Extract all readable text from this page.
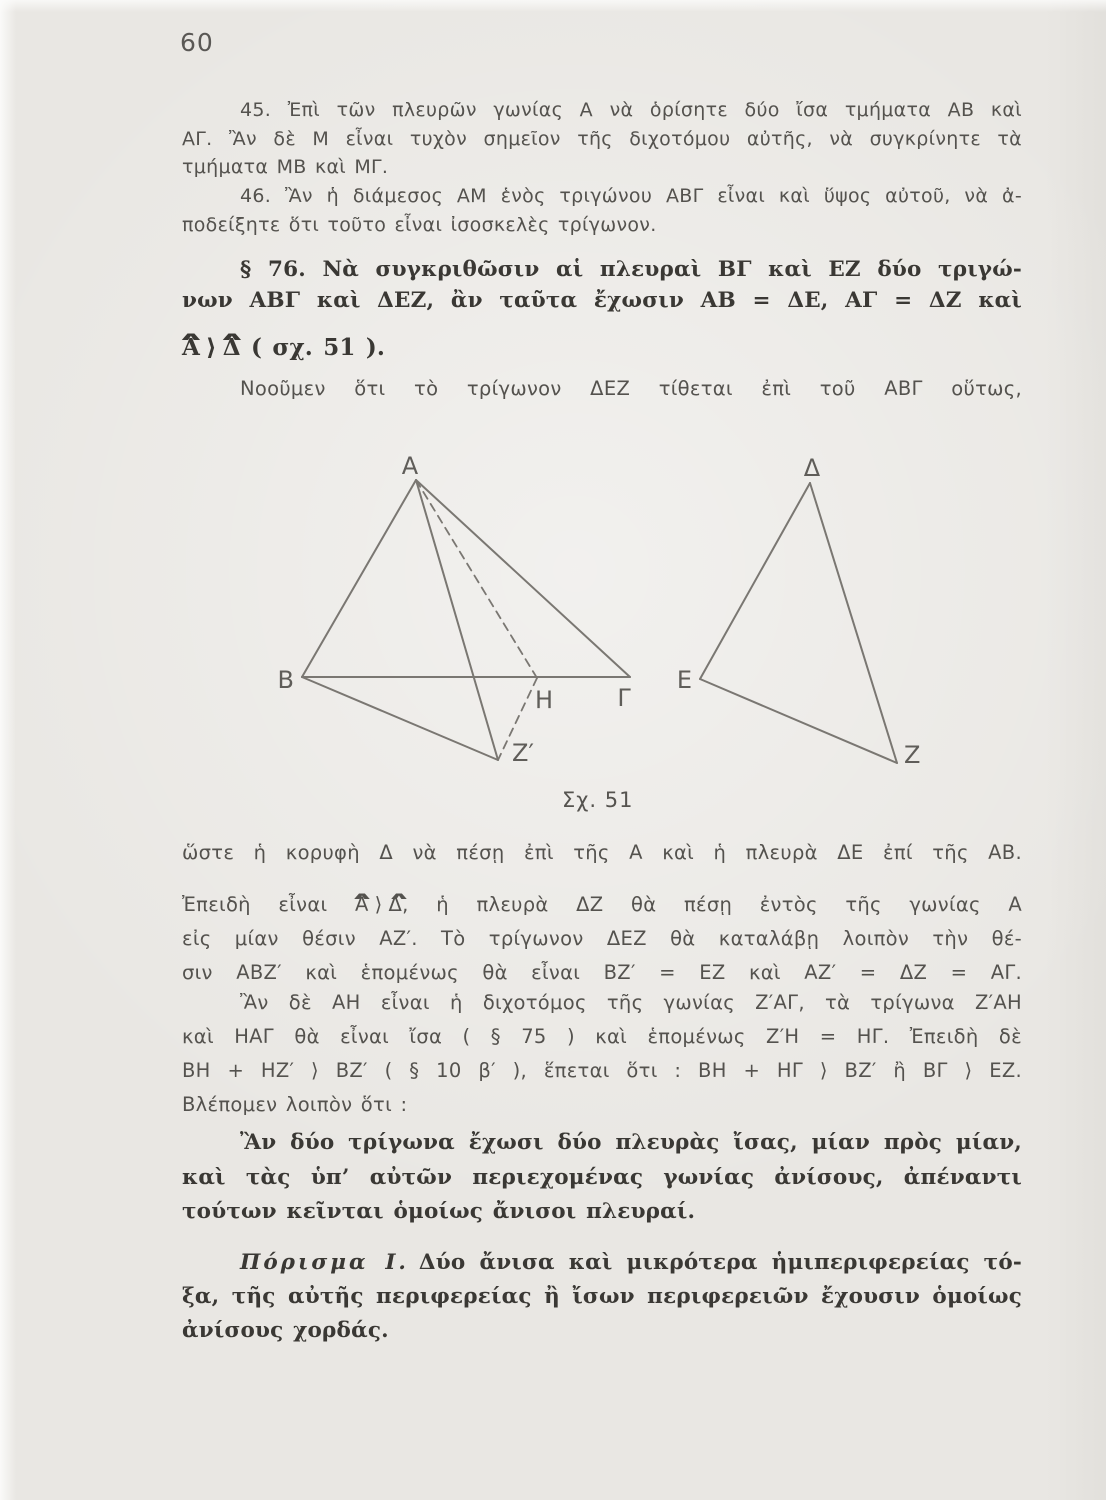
60
45. Ἐπὶ τῶν πλευρῶν γωνίας Α νὰ ὁρίσητε δύο ἴσα τμήματα ΑΒ καὶ
ΑΓ. Ἂν δὲ Μ εἶναι τυχὸν σημεῖον τῆς διχοτόμου αὐτῆς, νὰ συγκρίνητε τὰ
τμήματα ΜΒ καὶ ΜΓ.
46. Ἂν ἡ διάμεσος ΑΜ ἑνὸς τριγώνου ΑΒΓ εἶναι καὶ ὕψος αὐτοῦ, νὰ ἀ-
ποδείξητε ὅτι τοῦτο εἶναι ἰσοσκελὲς τρίγωνον.
§ 76. Νὰ συγκριθῶσιν αἱ πλευραὶ ΒΓ καὶ ΕΖ δύο τριγώ-
νων ΑΒΓ καὶ ΔΕΖ, ἂν ταῦτα ἔχωσιν ΑΒ = ΔΕ, ΑΓ = ΔΖ καὶ
∧ Α ⟩ ∧ Δ ( σχ. 51 ).
Νοοῦμεν ὅτι τὸ τρίγωνον ΔΕΖ τίθεται ἐπὶ τοῦ ΑΒΓ οὕτως,
Α
Β
Γ
Η
Ζ′
Δ
Ε
Ζ
Σχ. 51
ὥστε ἡ κορυφὴ Δ νὰ πέσῃ ἐπὶ τῆς Α καὶ ἡ πλευρὰ ΔΕ ἐπί τῆς ΑΒ.
Ἐπειδὴ εἶναι ∧ Α ⟩ ∧ Δ, ἡ πλευρὰ ΔΖ θὰ πέσῃ ἐντὸς τῆς γωνίας Α
εἰς μίαν θέσιν ΑΖ′. Τὸ τρίγωνον ΔΕΖ θὰ καταλάβῃ λοιπὸν τὴν θέ-
σιν ΑΒΖ′ καὶ ἑπομένως θὰ εἶναι ΒΖ′ = ΕΖ καὶ ΑΖ′ = ΔΖ = ΑΓ.
Ἂν δὲ ΑΗ εἶναι ἡ διχοτόμος τῆς γωνίας Ζ′ΑΓ, τὰ τρίγωνα Ζ′ΑΗ
καὶ ΗΑΓ θὰ εἶναι ἴσα ( § 75 ) καὶ ἑπομένως Ζ′Η = ΗΓ. Ἐπειδὴ δὲ
ΒΗ + ΗΖ′ ⟩ ΒΖ′ ( § 10 β′ ), ἕπεται ὅτι : ΒΗ + ΗΓ ⟩ ΒΖ′ ἢ ΒΓ ⟩ ΕΖ.
Βλέπομεν λοιπὸν ὅτι :
Ἂν δύο τρίγωνα ἔχωσι δύο πλευρὰς ἴσας, μίαν πρὸς μίαν,
καὶ τὰς ὑπ’ αὐτῶν περιεχομένας γωνίας ἀνίσους, ἀπέναντι
τούτων κεῖνται ὁμοίως ἄνισοι πλευραί.
Πόρισμα Ι. Δύο ἄνισα καὶ μικρότερα ἡμιπεριφερείας τό-
ξα, τῆς αὐτῆς περιφερείας ἢ ἴσων περιφερειῶν ἔχουσιν ὁμοίως
ἀνίσους χορδάς.
